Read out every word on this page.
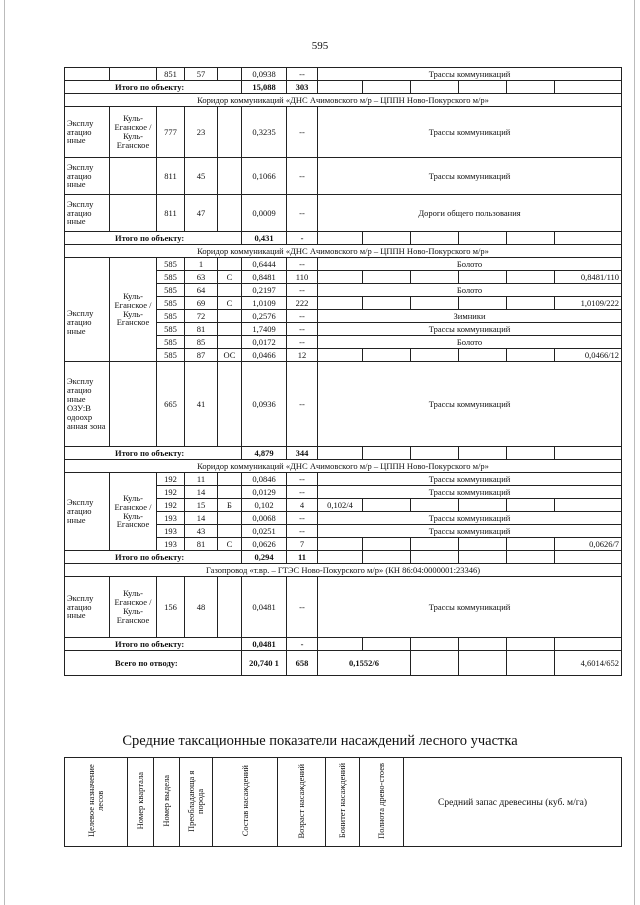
595
		851	57		0,0938	--	Трассы коммуникаций					
Итого по объекту:					15,088	303						
Коридор коммуникаций «ДНС Ачимовского м/р – ЦППН Ново-Покурского м/р»												
Эксплу атацио нные	Куль-Еганское / Куль-Еганское	777	23		0,3235	--	Трассы коммуникаций					
Эксплу атацио нные		811	45		0,1066	--	Трассы коммуникаций					
Эксплу атацио нные		811	47		0,0009	--	Дороги общего пользования					
Итого по объекту:					0,431	-						
Коридор коммуникаций «ДНС Ачимовского м/р – ЦППН Ново-Покурского м/р»												
	Куль-Еганское / Куль-Еганское	585	1		0,6444	--	Болото					
		585	63	С	0,8481	110						0,8481/110
Эксплу атацио нные		585	64		0,2197	--	Болото					
		585	69	С	1,0109	222						1,0109/222
		585	72		0,2576	--	Зимники					
		585	81		1,7409	--	Трассы коммуникаций					
		585	85		0,0172	--	Болото					
		585	87	ОС	0,0466	12						0,0466/12
Эксплу атацио нные ОЗУ:В одоохр анная зона		665	41		0,0936	--	Трассы коммуникаций					
Итого по объекту:					4,879	344						
Коридор коммуникаций «ДНС Ачимовского м/р – ЦППН Ново-Покурского м/р»												
Эксплу атацио нные	Куль-Еганское / Куль-Еганское	192	11		0,0846	--	Трассы коммуникаций					
		192	14		0,0129	--	Трассы коммуникаций					
		192	15	Б	0,102	4	0,102/4					
		193	14		0,0068	--	Трассы коммуникаций					
		193	43		0,0251	--	Трассы коммуникаций					
		193	81	С	0,0626	7						0,0626/7
Итого по объекту:					0,294	11						
Газопровод «т.вр. – ГТЭС Ново-Покурского м/р» (КН 86:04:0000001:23346)												
Эксплу атацио нные	Куль-Еганское / Куль-Еганское	156	48		0,0481	--	Трассы коммуникаций					
Итого по объекту:					0,0481	-						
Всего по отводу:					20,740 1	658	0,1552/6					4,6014/652
Средние таксационные показатели насаждений лесного участка
Целевое назначение лесов	Номер квартала	Номер выдела	Преобладающа я порода	Состав насаждений	Возраст насаждений	Бонитет насаждений	Полнота древо-стоев	Средний запас древесины (куб. м/га)
